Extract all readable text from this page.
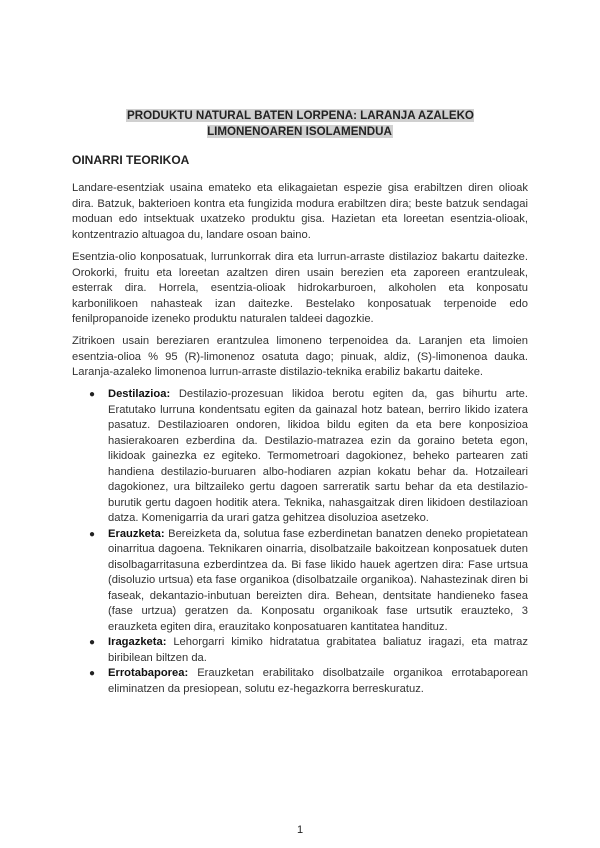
PRODUKTU NATURAL BATEN LORPENA: LARANJA AZALEKO LIMONENOAREN ISOLAMENDUA
OINARRI TEORIKOA

Landare-esentziak usaina emateko eta elikagaietan espezie gisa erabiltzen diren olioak dira. Batzuk, bakterioen kontra eta fungizida modura erabiltzen dira; beste batzuk sendagai moduan edo intsektuak uxatzeko produktu gisa. Hazietan eta loreetan esentzia-olioak, kontzentrazio altuagoa du, landare osoan baino.

Esentzia-olio konposatuak, lurrunkorrak dira eta lurrun-arraste distilazioz bakartu daitezke. Orokorki, fruitu eta loreetan azaltzen diren usain berezien eta zaporeen erantzuleak, esterrak dira. Horrela, esentzia-olioak hidrokarburoen, alkoholen eta konposatu karbonilikoen nahasteak izan daitezke. Bestelako konposatuak terpenoide edo fenilpropanoide izeneko produktu naturalen taldeei dagozkie.

Zitrikoen usain bereziaren erantzulea limoneno terpenoidea da. Laranjen eta limoien esentzia-olioa % 95 (R)-limonenoz osatuta dago; pinuak, aldiz, (S)-limonenoa dauka. Laranja-azaleko limonenoa lurrun-arraste distilazio-teknika erabiliz bakartu daiteke.

● Destilazioa: Destilazio-prozesuan likidoa berotu egiten da, gas bihurtu arte. Eratutako lurruna kondentsatu egiten da gainazal hotz batean, berriro likido izatera pasatuz. Destilazioaren ondoren, likidoa bildu egiten da eta bere konposizioa hasierakoaren ezberdina da. Destilazio-matrazea ezin da goraino beteta egon, likidoak gainezka ez egiteko. Termometroari dagokionez, beheko partearen zati handiena destilazio-buruaren albo-hodiaren azpian kokatu behar da. Hotzaileari dagokionez, ura biltzaileko gertu dagoen sarreratik sartu behar da eta destilazio-burutik gertu dagoen hoditik atera. Teknika, nahasgaitzak diren likidoen destilazioan datza. Komenigarria da urari gatza gehitzea disoluzioa asetzeko.
● Erauzketa: Bereizketa da, solutua fase ezberdinetan banatzen deneko propietatean oinarritua dagoena. Teknikaren oinarria, disolbatzaile bakoitzean konposatuek duten disolbagarritasuna ezberdintzea da. Bi fase likido hauek agertzen dira: Fase urtsua (disoluzio urtsua) eta fase organikoa (disolbatzaile organikoa). Nahastezinak diren bi faseak, dekantazio-inbutuan bereizten dira. Behean, dentsitate handieneko fasea (fase urtzua) geratzen da. Konposatu organikoak fase urtsutik erauzteko, 3 erauzketa egiten dira, erauzitako konposatuaren kantitatea handituz.
● Iragazketa: Lehorgarri kimiko hidratatua grabitatea baliatuz iragazi, eta matraz biribilean biltzen da.
● Errotabaporea: Erauzketan erabilitako disolbatzaile organikoa errotabaporean eliminatzen da presiopean, solutu ez-hegazkorra berreskuratuz.
1
